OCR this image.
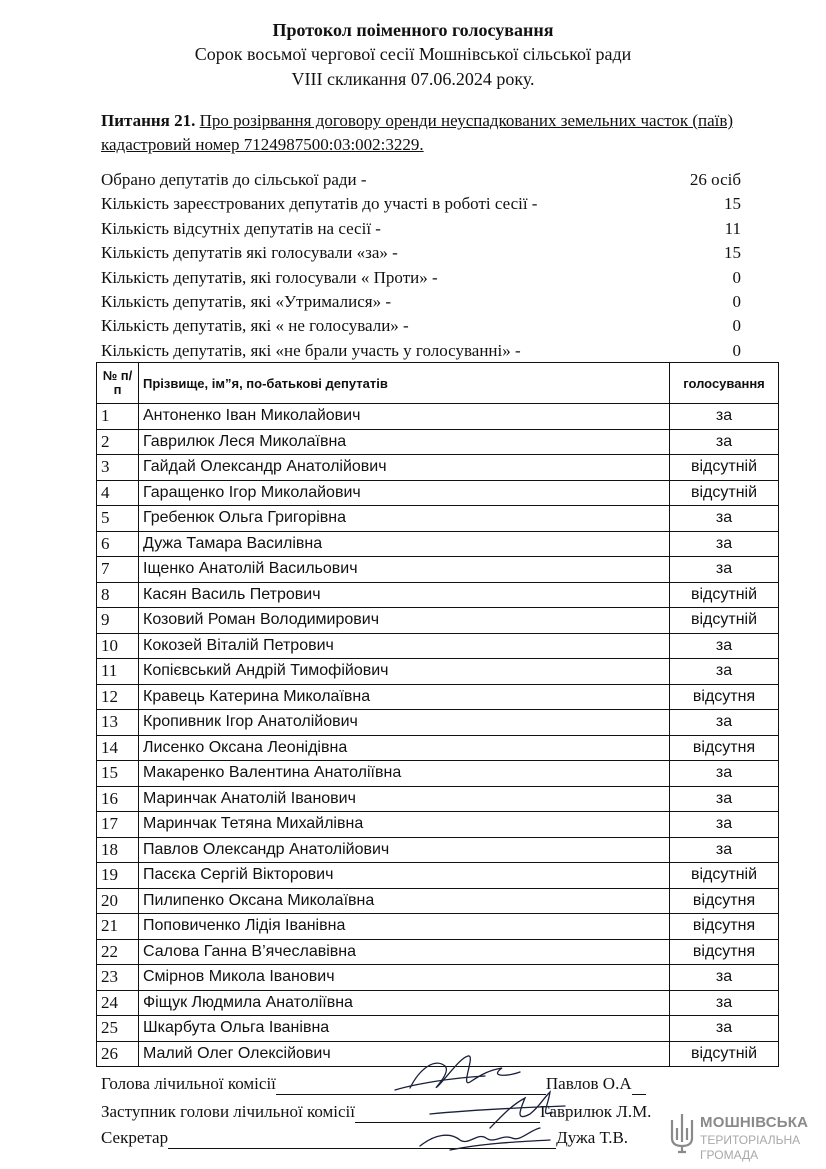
Протокол поіменного голосування
Сорок восьмої чергової сесії Мошнівської сільської ради
VIII скликання 07.06.2024 року.
Питання 21. Про розірвання договору оренди неуспадкованих земельних часток (паїв) кадастровий номер 7124987500:03:002:3229.
Обрано депутатів до сільської ради -	26 осіб
Кількість зареєстрованих депутатів до участі в роботі сесії -	15
Кількість відсутніх депутатів на сесії -	11
Кількість депутатів які голосували «за» -	15
Кількість депутатів, які голосували « Проти» -	0
Кількість депутатів, які «Утрималися» -	0
Кількість депутатів, які « не голосували» -	0
Кількість депутатів, які «не брали участь у голосуванні» -	0
№ п/п	Прізвище, ім”я, по-батькові депутатів	голосування
1	Антоненко Іван Миколайович	за
2	Гаврилюк Леся Миколаївна	за
3	Гайдай Олександр Анатолійович	відсутній
4	Гаращенко Ігор Миколайович	відсутній
5	Гребенюк Ольга Григорівна	за
6	Дужа Тамара Василівна	за
7	Іщенко Анатолій Васильович	за
8	Касян Василь Петрович	відсутній
9	Козовий Роман Володимирович	відсутній
10	Кокозей Віталій Петрович	за
11	Копієвський Андрій Тимофійович	за
12	Кравець Катерина Миколаївна	відсутня
13	Кропивник Ігор Анатолійович	за
14	Лисенко Оксана Леонідівна	відсутня
15	Макаренко Валентина Анатоліївна	за
16	Маринчак Анатолій Іванович	за
17	Маринчак Тетяна Михайлівна	за
18	Павлов Олександр Анатолійович	за
19	Пасєка Сергій Вікторович	відсутній
20	Пилипенко Оксана Миколаївна	відсутня
21	Поповиченко Лідія Іванівна	відсутня
22	Салова Ганна В’ячеславівна	відсутня
23	Смірнов Микола Іванович	за
24	Фіщук Людмила Анатоліївна	за
25	Шкарбута Ольга Іванівна	за
26	Малий Олег Олексійович	відсутній
Голова лічильної комісії	Павлов О.А
Заступник голови лічильної комісії	Гаврилюк Л.М.
Секретар	Дужа Т.В.
МОШНІВСЬКА
ТЕРИТОРІАЛЬНА
ГРОМАДА
